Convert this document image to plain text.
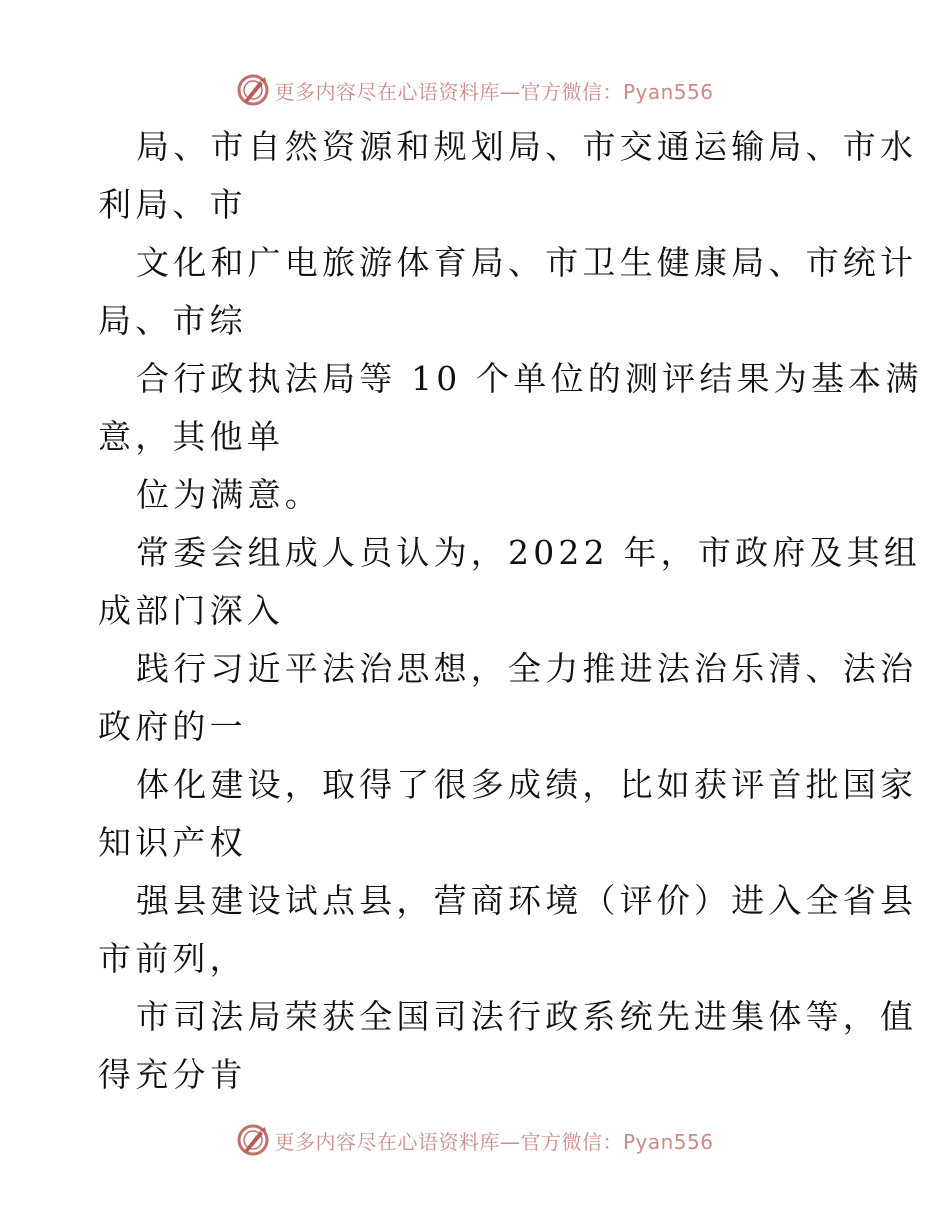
更多内容尽在心语资料库—官方微信：Pyan556
局、市自然资源和规划局、市交通运输局、市水
利局、市
文化和广电旅游体育局、市卫生健康局、市统计
局、市综
合行政执法局等 10 个单位的测评结果为基本满
意，其他单
位为满意。
常委会组成人员认为，2022 年，市政府及其组
成部门深入
践行习近平法治思想，全力推进法治乐清、法治
政府的一
体化建设，取得了很多成绩，比如获评首批国家
知识产权
强县建设试点县，营商环境（评价）进入全省县
市前列，
市司法局荣获全国司法行政系统先进集体等，值
得充分肯
更多内容尽在心语资料库—官方微信：Pyan556
